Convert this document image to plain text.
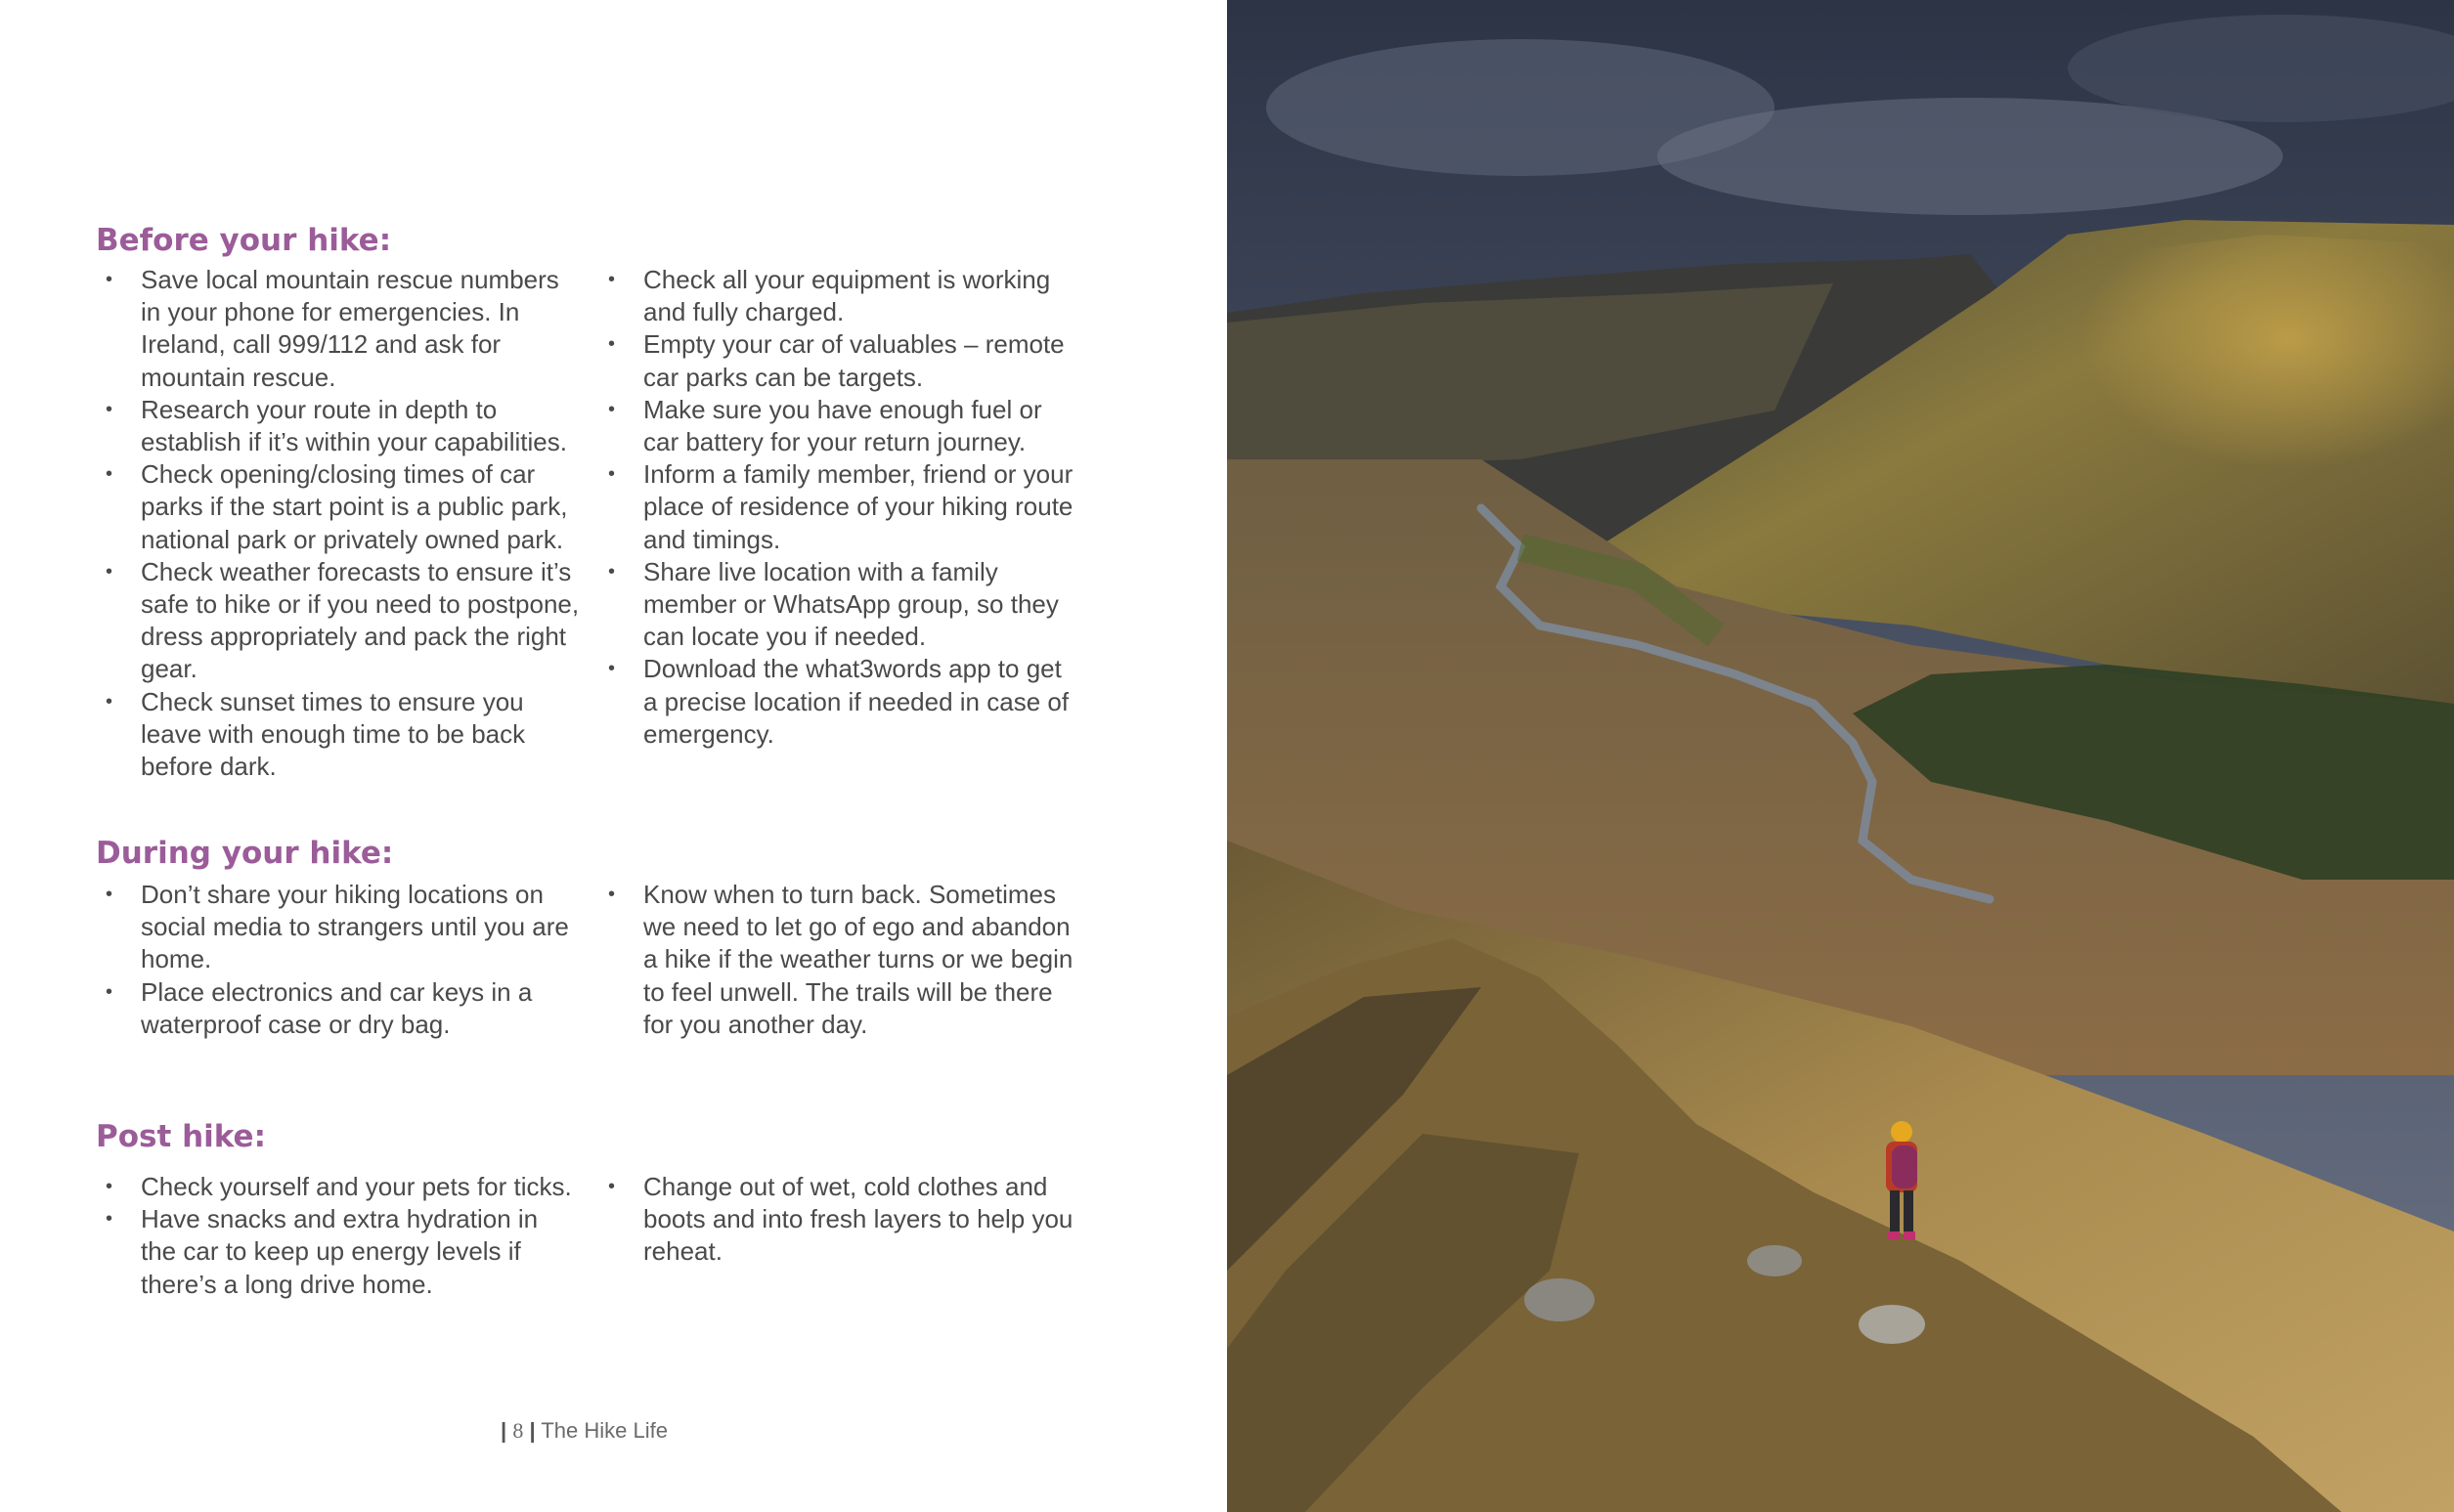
Before your hike:
• Save local mountain rescue numbers in your phone for emergencies. In Ireland, call 999/112 and ask for mountain rescue.
• Research your route in depth to establish if it’s within your capabilities.
• Check opening/closing times of car parks if the start point is a public park, national park or privately owned park.
• Check weather forecasts to ensure it’s safe to hike or if you need to postpone, dress appropriately and pack the right gear.
• Check sunset times to ensure you leave with enough time to be back before dark.
• Check all your equipment is working and fully charged.
• Empty your car of valuables – remote car parks can be targets.
• Make sure you have enough fuel or car battery for your return journey.
• Inform a family member, friend or your place of residence of your hiking route and timings.
• Share live location with a family member or WhatsApp group, so they can locate you if needed.
• Download the what3words app to get a precise location if needed in case of emergency.
During your hike:
• Don’t share your hiking locations on social media to strangers until you are home.
• Place electronics and car keys in a waterproof case or dry bag.
• Know when to turn back. Sometimes we need to let go of ego and abandon a hike if the weather turns or we begin to feel unwell. The trails will be there for you another day.
Post hike:
• Check yourself and your pets for ticks.
• Have snacks and extra hydration in the car to keep up energy levels if there’s a long drive home.
• Change out of wet, cold clothes and boots and into fresh layers to help you reheat.
| 8 | The Hike Life
